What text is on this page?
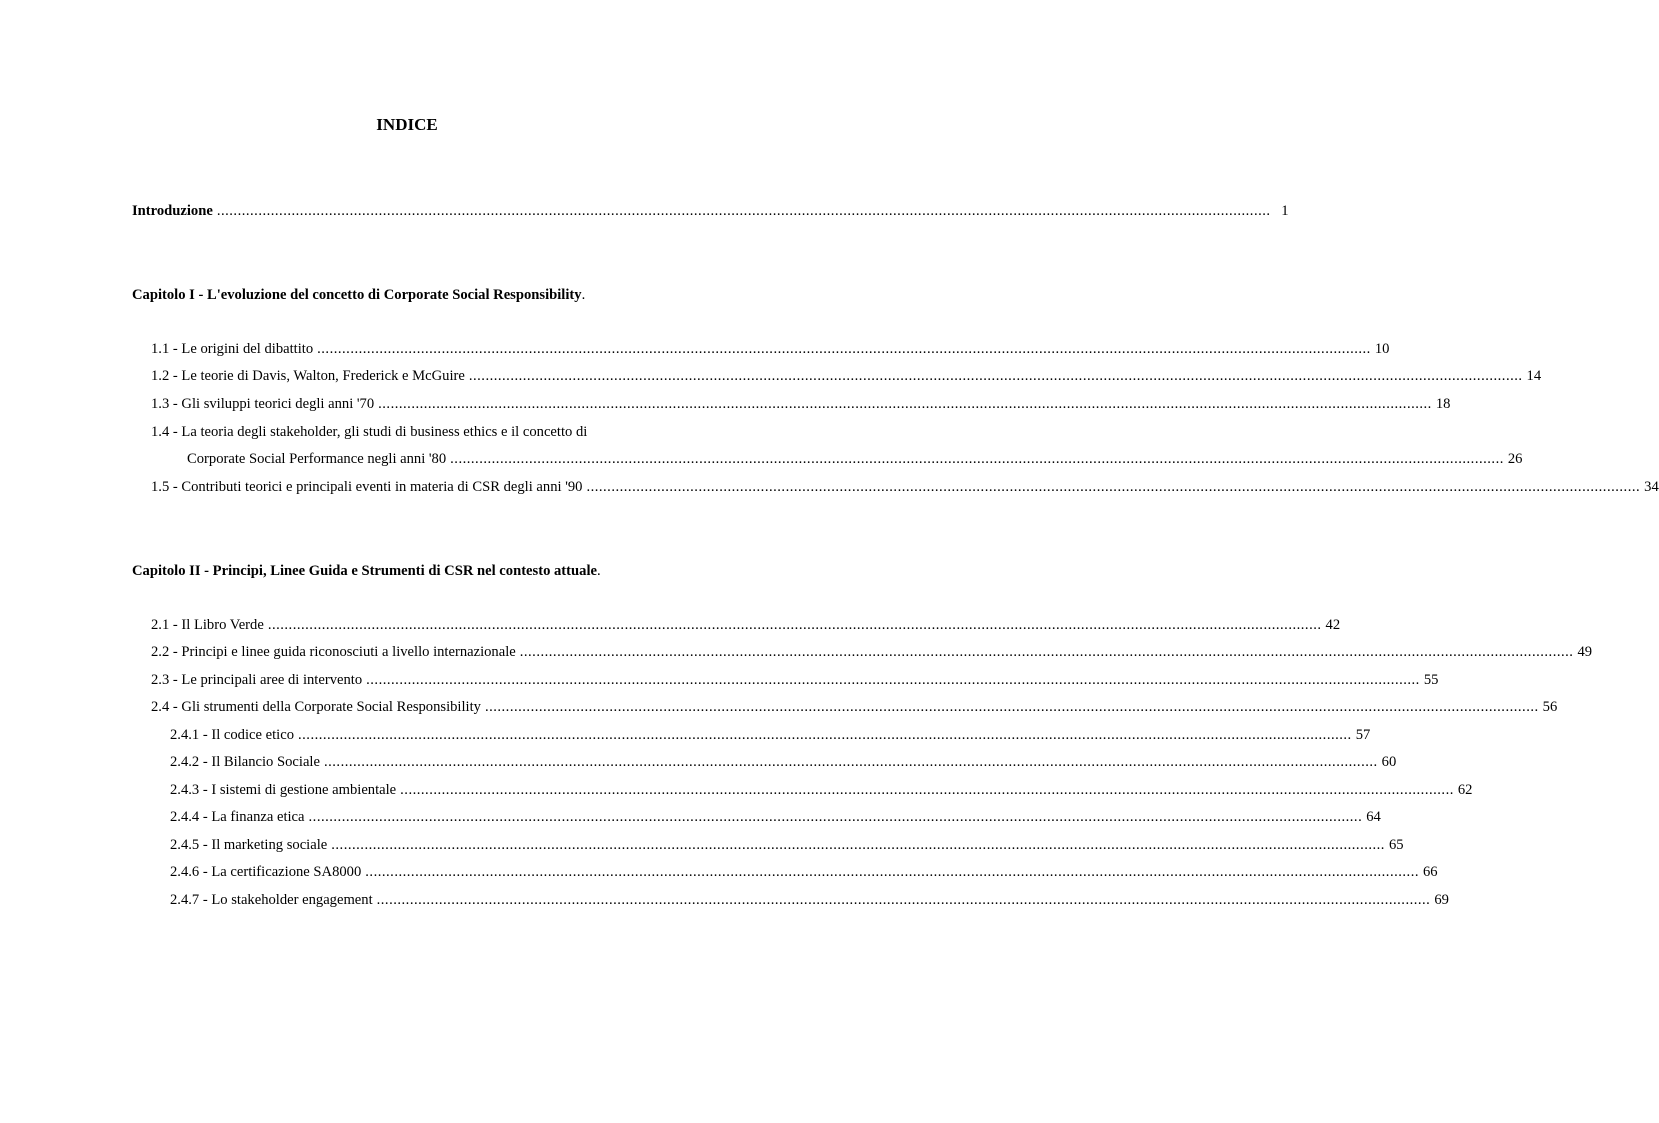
INDICE
Introduzione .............................................................................................................................................................................................................................................................. 1
Capitolo I - L'evoluzione del concetto di Corporate Social Responsibility.
1.1 - Le origini del dibattito .............................................................................................................................................................................................................................................................. 10
1.2 - Le teorie di Davis, Walton, Frederick e McGuire .............................................................................................................................................................................................................................................................. 14
1.3 - Gli sviluppi teorici degli anni '70 .............................................................................................................................................................................................................................................................. 18
1.4 - La teoria degli stakeholder, gli studi di business ethics e il concetto di
Corporate Social Performance negli anni '80 .............................................................................................................................................................................................................................................................. 26
1.5 - Contributi teorici e principali eventi in materia di CSR degli anni '90 .............................................................................................................................................................................................................................................................. 34
Capitolo II - Principi, Linee Guida e Strumenti di CSR nel contesto attuale.
2.1 - Il Libro Verde .............................................................................................................................................................................................................................................................. 42
2.2 - Principi e linee guida riconosciuti a livello internazionale .............................................................................................................................................................................................................................................................. 49
2.3 - Le principali aree di intervento .............................................................................................................................................................................................................................................................. 55
2.4 - Gli strumenti della Corporate Social Responsibility .............................................................................................................................................................................................................................................................. 56
2.4.1 - Il codice etico .............................................................................................................................................................................................................................................................. 57
2.4.2 - Il Bilancio Sociale .............................................................................................................................................................................................................................................................. 60
2.4.3 - I sistemi di gestione ambientale .............................................................................................................................................................................................................................................................. 62
2.4.4 - La finanza etica .............................................................................................................................................................................................................................................................. 64
2.4.5 - Il marketing sociale .............................................................................................................................................................................................................................................................. 65
2.4.6 - La certificazione SA8000 .............................................................................................................................................................................................................................................................. 66
2.4.7 - Lo stakeholder engagement .............................................................................................................................................................................................................................................................. 69
